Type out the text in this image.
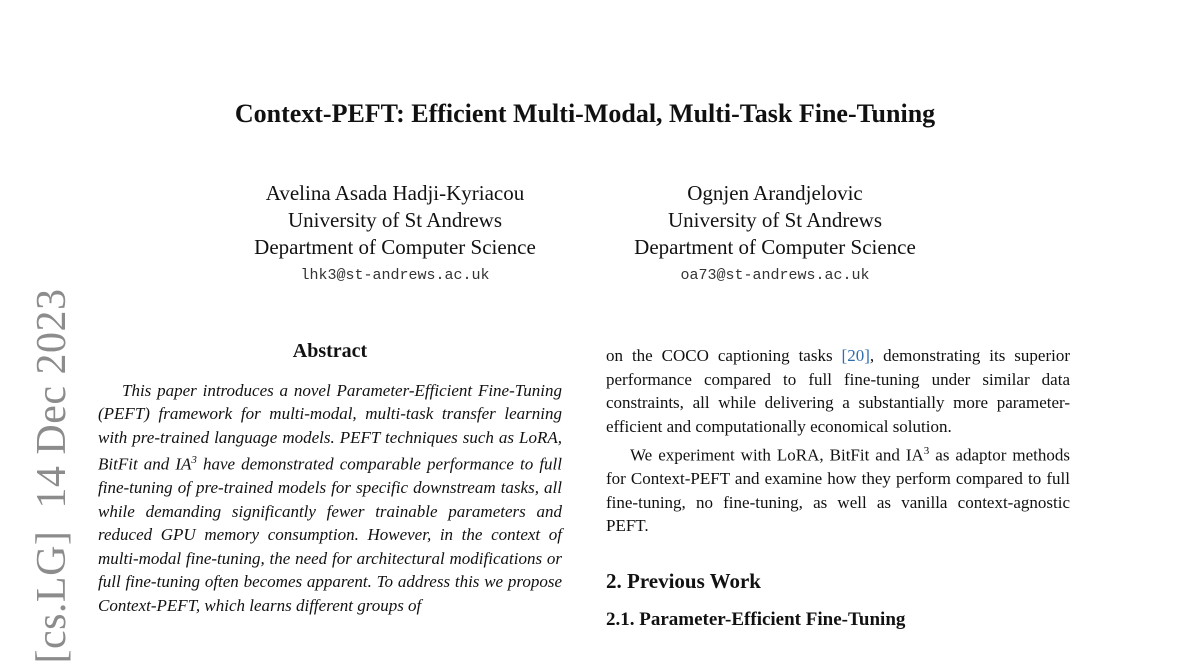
Context-PEFT: Efficient Multi-Modal, Multi-Task Fine-Tuning
Avelina Asada Hadji-Kyriacou
University of St Andrews
Department of Computer Science
lhk3@st-andrews.ac.uk
Ognjen Arandjelovic
University of St Andrews
Department of Computer Science
oa73@st-andrews.ac.uk
[cs.LG]14 Dec 2023	Abstract

This paper introduces a novel Parameter-Efficient Fine-Tuning (PEFT) framework for multi-modal, multi-task transfer learning with pre-trained language models. PEFT techniques such as LoRA, BitFit and $IA^3$ have demonstrated comparable performance to full fine-tuning of pre-trained models for specific downstream tasks, all while demanding significantly fewer trainable parameters and reduced GPU memory consumption. However, in the context of multi-modal fine-tuning, the need for architectural modifications or full fine-tuning often becomes apparent. To address this we propose Context-PEFT, which learns different groups of

on the COCO captioning tasks [20], demonstrating its superior performance compared to full fine-tuning under similar data constraints, all while delivering a substantially more parameter-efficient and computationally economical solution.

We experiment with LoRA, BitFit and $IA^3$ as adaptor methods for Context-PEFT and examine how they perform compared to full fine-tuning, no fine-tuning, as well as vanilla context-agnostic PEFT.

2. Previous Work
2.1. Parameter-Efficient Fine-Tuning
